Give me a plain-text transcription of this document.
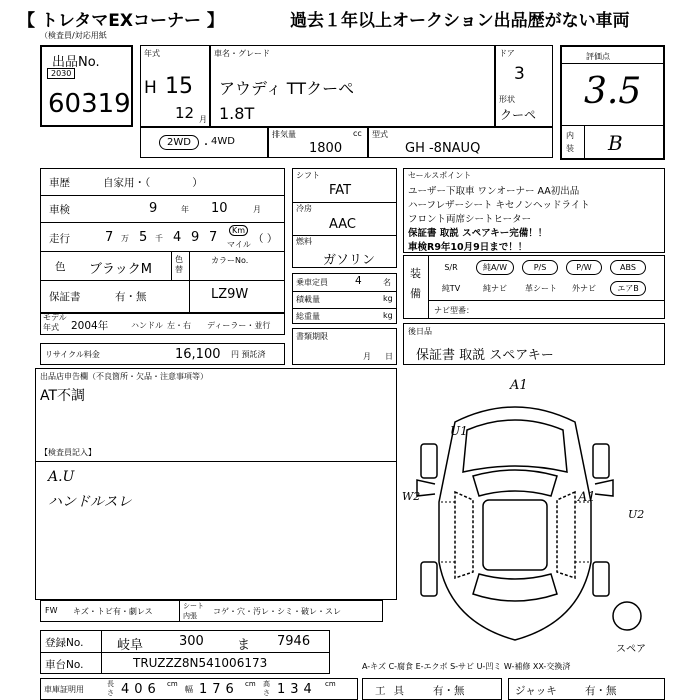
【 トレタマEXコーナー 】	過去１年以上オークション出品歴がない車両
（検査員/対応用紙
出品No.
2030
60319
年式
H 15
12 月
車名・グレード
アウディ TTクーペ
1.8T
ドア
3
形状
クーペ
評価点
3.5
内装 B
2WD	・ 4WD
排気量	cc
1800
型式
GH -8NAUQ
車歴	自家用・（　　　　）
車検	9	年 10	月
走行	7 万 5 千 4 9 7	Km
マイル （ ）
色 ブラックM
色替
カラーNo.
保証書	有・無	LZ9W
モデル年式	2004年	ハンドル 左・右 ディーラー・並行
リサイクル料金	16,100 円 預託済
シフト
FAT
冷房
AAC
燃料
ガソリン
乗車定員	4	名
積載量	kg
総重量	kg
書類期限
月 日
セールスポイント
ユーザー下取車 ワンオーナー AA初出品
ハーフレザーシート キセノンヘッドライト
フロント両席シートヒーター
保証書 取説 スペアキー完備！！
車検R9年10月9日まで！！
装備
S/R	純A/W	P/S	P/W	ABS
純TV	純ナビ	革シート	外ナビ	エアB
ナビ型番：
後日品
保証書 取説 スペアキー
出品店申告欄（不良箇所・欠品・注意事項等）
AT不調
【検査員記入】
A.U
ハンドルスレ
A1
U1
A1
W2
U2
スペア
FW キズ・トビ有・劇レス
シート内張	コゲ・穴・汚レ・シミ・破レ・スレ
登録No.	岐阜	300	ま 7946
車台No.	TRUZZZ8N541006173	A-キズ C-腐食 E-エクボ S-サビ U-凹ミ W-補修 XX-交換済
車庫証明用
長さ 406 cm
幅 176 cm 高さ 134 cm
工具 有・無	ジャッキ	有・無
